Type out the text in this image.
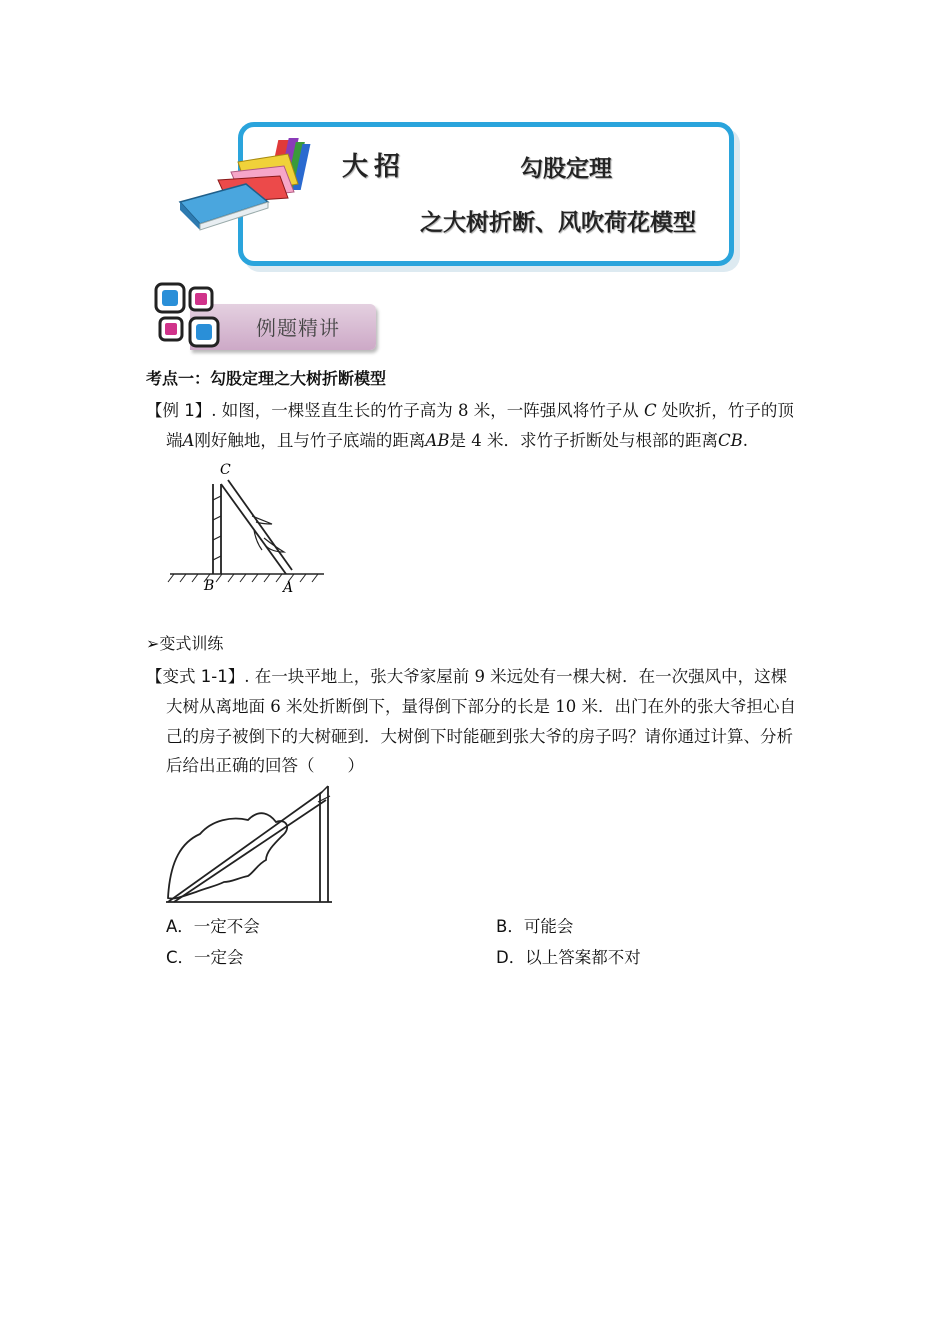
大招	勾股定理
之大树折断、风吹荷花模型
例题精讲
考点一：勾股定理之大树折断模型
【例 1】. 如图，一棵竖直生长的竹子高为 8 米，一阵强风将竹子从 C 处吹折，竹子的顶
端A刚好触地，且与竹子底端的距离AB是 4 米．求竹子折断处与根部的距离CB.
C
B	A
➢变式训练
【变式 1-1】. 在一块平地上，张大爷家屋前 9 米远处有一棵大树．在一次强风中，这棵
大树从离地面 6 米处折断倒下，量得倒下部分的长是 10 米．出门在外的张大爷担心自
己的房子被倒下的大树砸到．大树倒下时能砸到张大爷的房子吗？请你通过计算、分析
后给出正确的回答（　　）
A．一定不会	B．可能会
C．一定会	D．以上答案都不对
